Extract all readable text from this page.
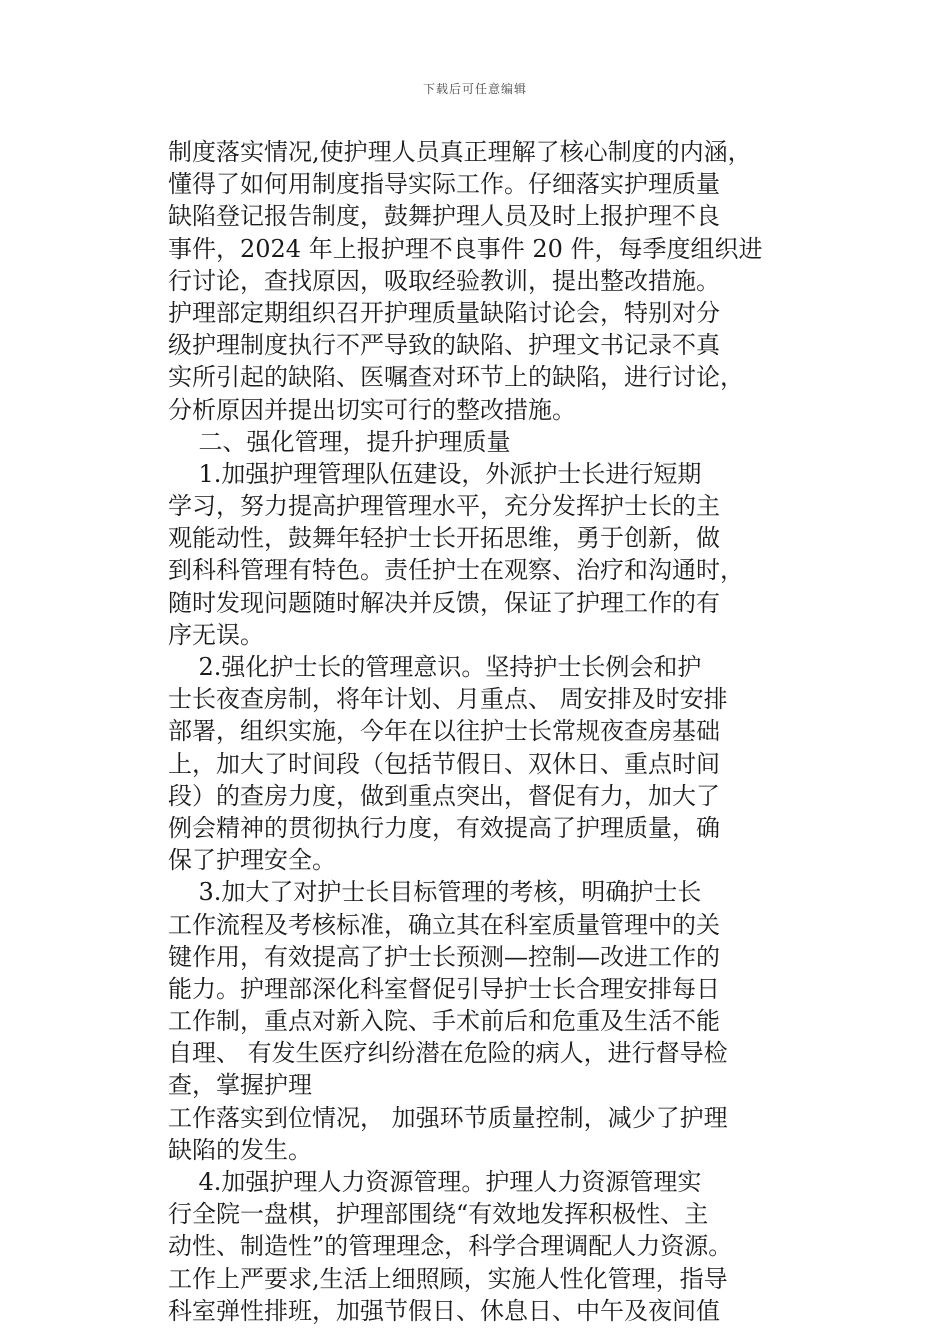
下载后可任意编辑
制度落实情况,使护理人员真正理解了核心制度的内涵，
懂得了如何用制度指导实际工作。仔细落实护理质量
缺陷登记报告制度，鼓舞护理人员及时上报护理不良
事件，2024 年上报护理不良事件 20 件，每季度组织进
行讨论，查找原因，吸取经验教训，提出整改措施。
护理部定期组织召开护理质量缺陷讨论会，特别对分
级护理制度执行不严导致的缺陷、护理文书记录不真
实所引起的缺陷、医嘱查对环节上的缺陷，进行讨论，
分析原因并提出切实可行的整改措施。
二、强化管理，提升护理质量
1.加强护理管理队伍建设，外派护士长进行短期
学习，努力提高护理管理水平，充分发挥护士长的主
观能动性，鼓舞年轻护士长开拓思维，勇于创新，做
到科科管理有特色。责任护士在观察、治疗和沟通时，
随时发现问题随时解决并反馈，保证了护理工作的有
序无误。
2.强化护士长的管理意识。坚持护士长例会和护
士长夜查房制，将年计划、月重点、 周安排及时安排
部署，组织实施，今年在以往护士长常规夜查房基础
上，加大了时间段（包括节假日、双休日、重点时间
段）的查房力度，做到重点突出，督促有力，加大了
例会精神的贯彻执行力度，有效提高了护理质量，确
保了护理安全。
3.加大了对护士长目标管理的考核，明确护士长
工作流程及考核标准，确立其在科室质量管理中的关
键作用，有效提高了护士长预测—控制—改进工作的
能力。护理部深化科室督促引导护士长合理安排每日
工作制，重点对新入院、手术前后和危重及生活不能
自理、 有发生医疗纠纷潜在危险的病人，进行督导检
查，掌握护理
工作落实到位情况， 加强环节质量控制，减少了护理
缺陷的发生。
4.加强护理人力资源管理。护理人力资源管理实
行全院一盘棋，护理部围绕“有效地发挥积极性、主
动性、制造性”的管理理念，科学合理调配人力资源。
工作上严要求,生活上细照顾，实施人性化管理，指导
科室弹性排班，加强节假日、休息日、中午及夜间值
